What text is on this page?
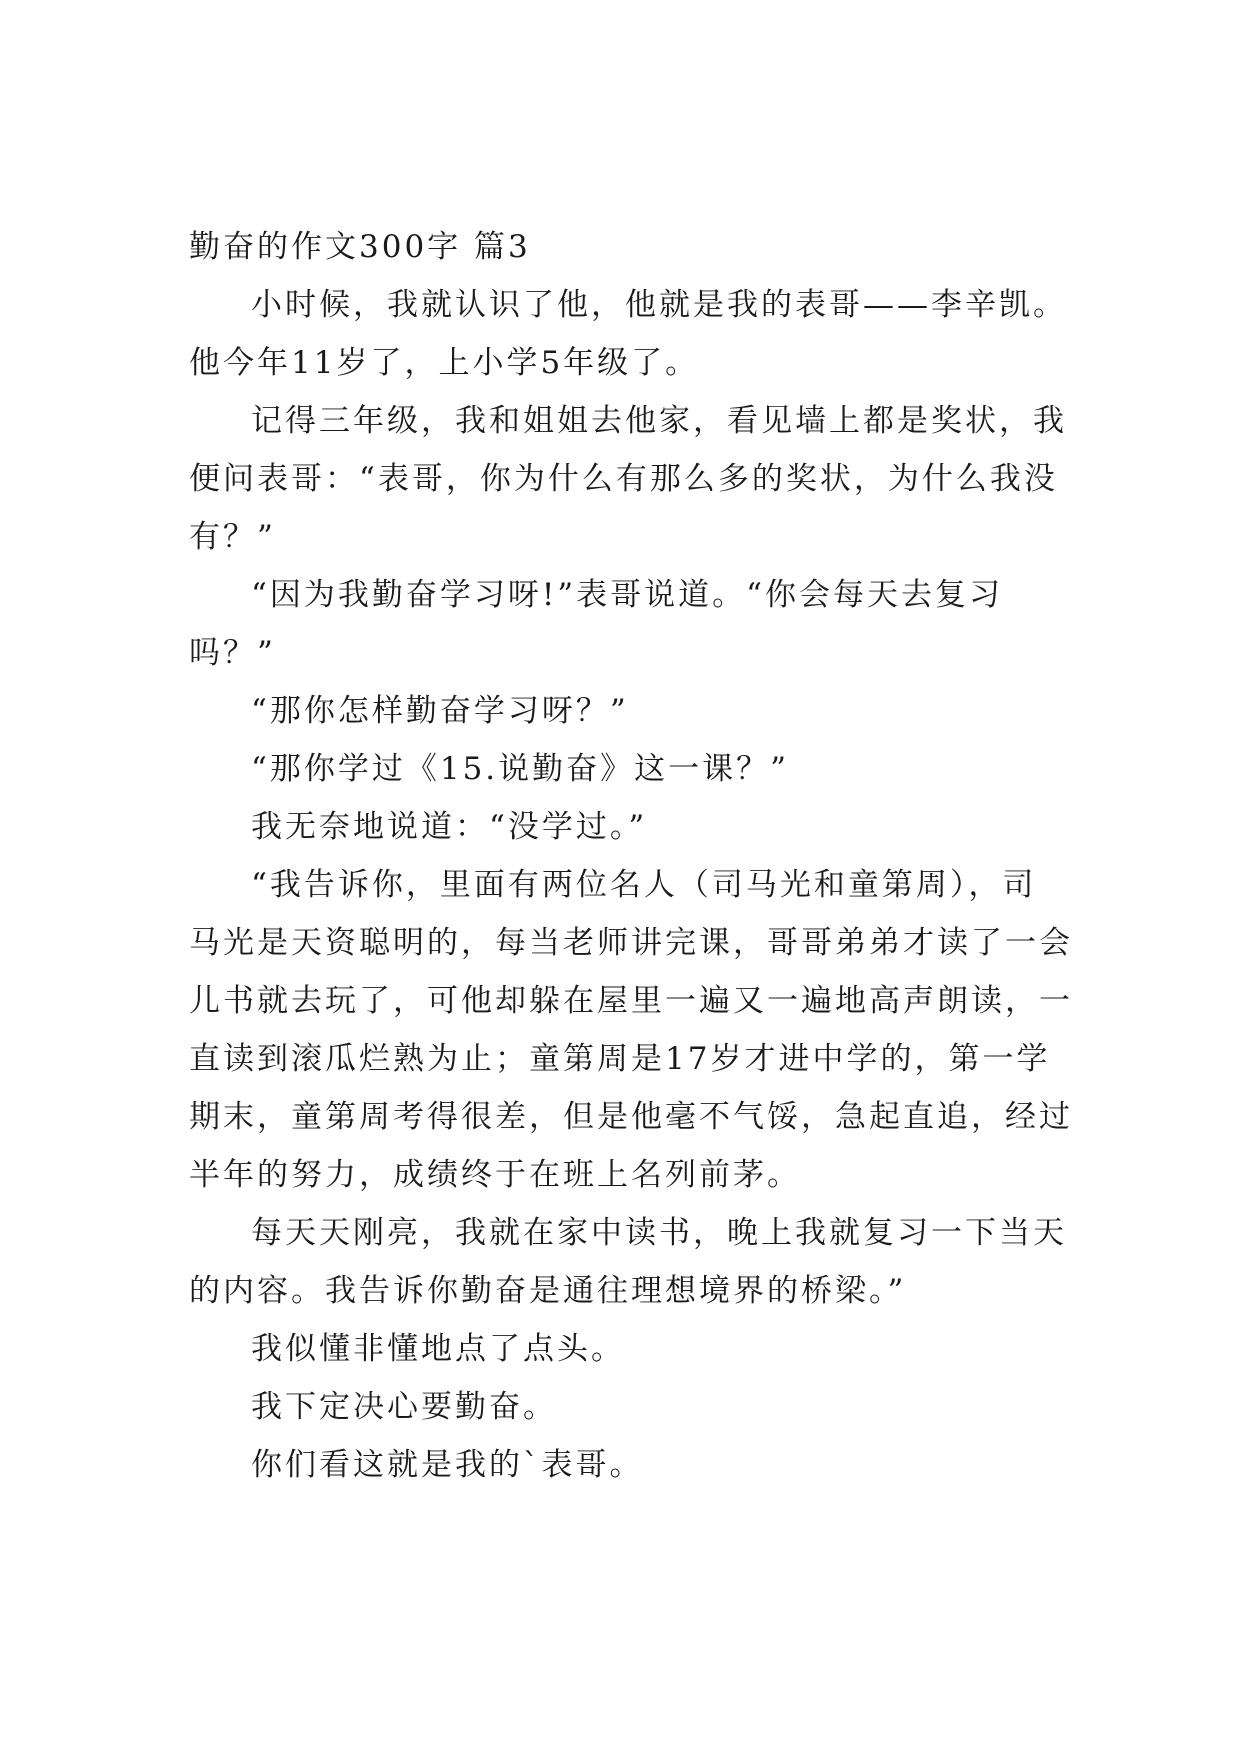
勤奋的作文300字 篇3
小时候，我就认识了他，他就是我的表哥——李辛凯。
他今年11岁了，上小学5年级了。
记得三年级，我和姐姐去他家，看见墙上都是奖状，我
便问表哥：“表哥，你为什么有那么多的奖状，为什么我没
有？”
“因为我勤奋学习呀!”表哥说道。“你会每天去复习
吗？”
“那你怎样勤奋学习呀？”
“那你学过《15.说勤奋》这一课？”
我无奈地说道：“没学过。”
“我告诉你，里面有两位名人（司马光和童第周），司
马光是天资聪明的，每当老师讲完课，哥哥弟弟才读了一会
儿书就去玩了，可他却躲在屋里一遍又一遍地高声朗读，一
直读到滚瓜烂熟为止；童第周是17岁才进中学的，第一学
期末，童第周考得很差，但是他毫不气馁，急起直追，经过
半年的努力，成绩终于在班上名列前茅。
每天天刚亮，我就在家中读书，晚上我就复习一下当天
的内容。我告诉你勤奋是通往理想境界的桥梁。”
我似懂非懂地点了点头。
我下定决心要勤奋。
你们看这就是我的`表哥。
